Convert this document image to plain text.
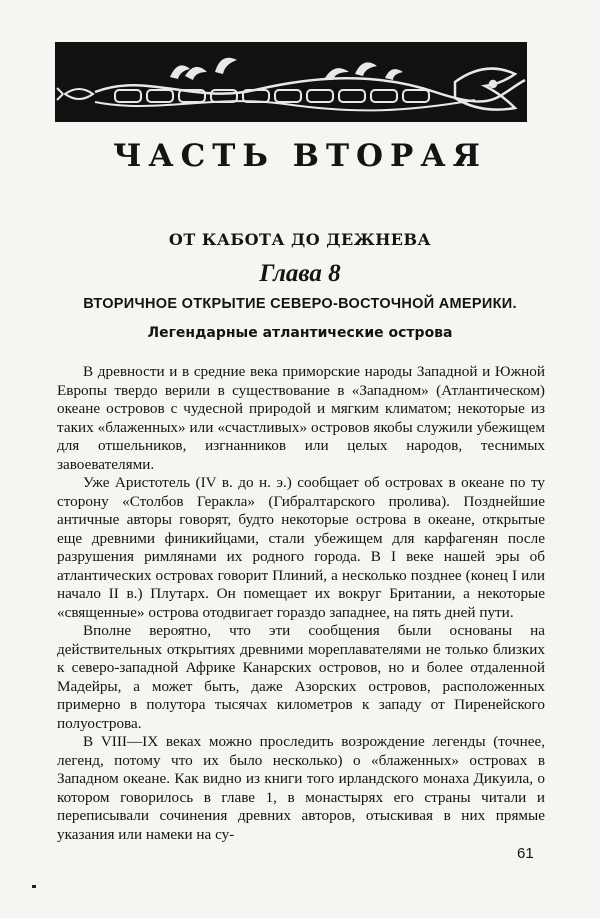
ЧАСТЬ ВТОРАЯ
ОТ КАБОТА ДО ДЕЖНЕВА
Глава 8
ВТОРИЧНОЕ ОТКРЫТИЕ СЕВЕРО-ВОСТОЧНОЙ АМЕРИКИ.
Легендарные атлантические острова

В древности и в средние века приморские народы Западной и Южной Европы твердо верили в существование в «Западном» (Атлантическом) океане островов с чудесной природой и мягким климатом; некоторые из таких «блаженных» или «счастливых» островов якобы служили убежищем для отшельников, изгнанников или целых народов, теснимых завоевателями.

Уже Аристотель (IV в. до н. э.) сообщает об островах в океане по ту сторону «Столбов Геракла» (Гибралтарского пролива). Позднейшие античные авторы говорят, будто некоторые острова в океане, открытые еще древними финикийцами, стали убежищем для карфагенян после разрушения римлянами их родного города. В I веке нашей эры об атлантических островах говорит Плиний, а несколько позднее (конец I или начало II в.) Плутарх. Он помещает их вокруг Британии, а некоторые «священные» острова отодвигает гораздо западнее, на пять дней пути.

Вполне вероятно, что эти сообщения были основаны на действительных открытиях древними мореплавателями не только близких к северо-западной Африке Канарских островов, но и более отдаленной Мадейры, а может быть, даже Азорских островов, расположенных примерно в полутора тысячах километров к западу от Пиренейского полуострова.

В VIII—IX веках можно проследить возрождение легенды (точнее, легенд, потому что их было несколько) о «блаженных» островах в Западном океане. Как видно из книги того ирландского монаха Дикуила, о котором говорилось в главе 1, в монастырях его страны читали и переписывали сочинения древних авторов, отыскивая в них прямые указания или намеки на су-

61
